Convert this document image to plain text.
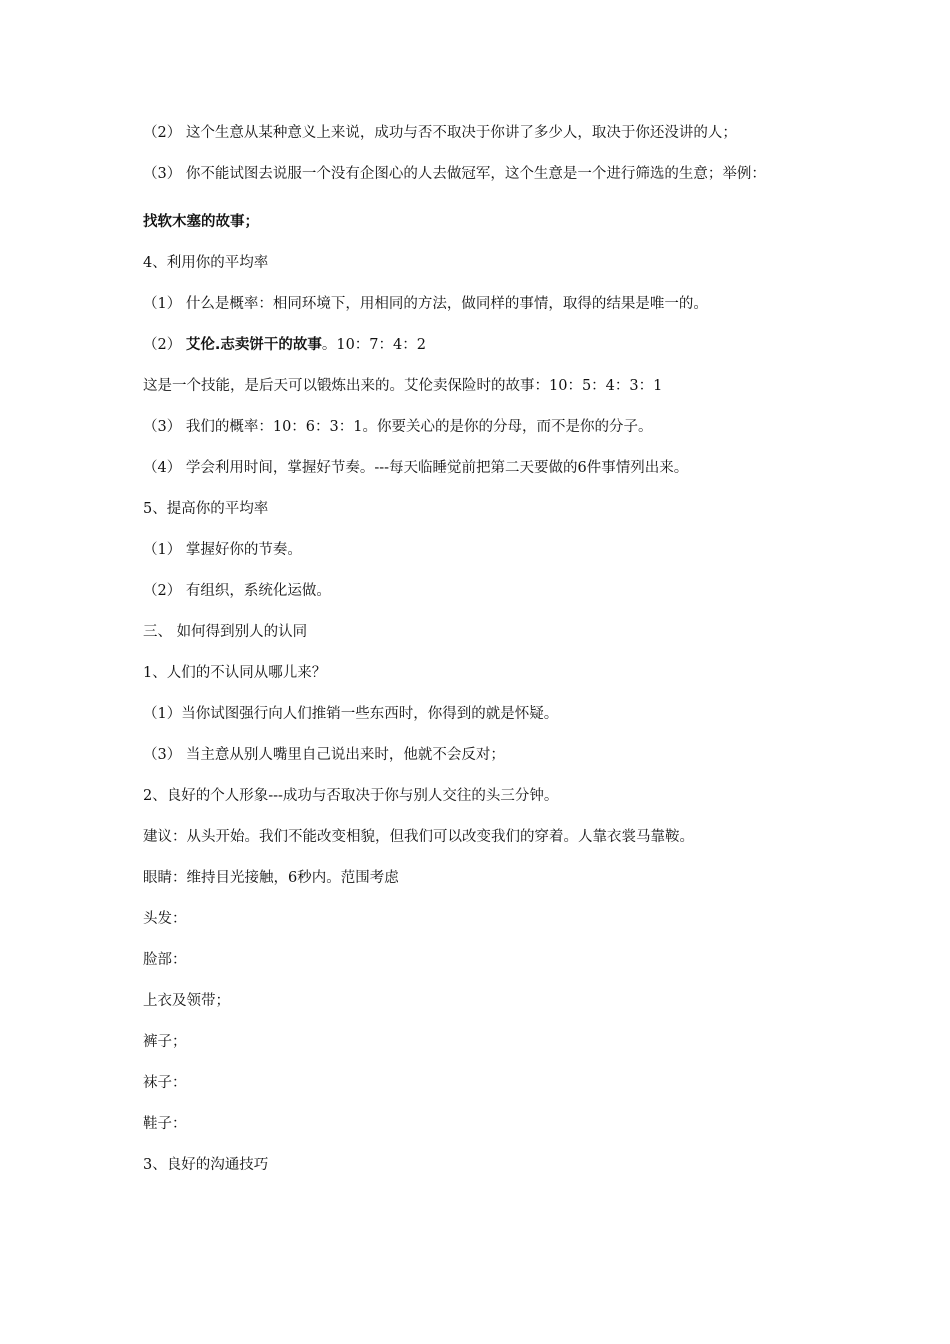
（2） 这个生意从某种意义上来说，成功与否不取决于你讲了多少人，取决于你还没讲的人；
（3） 你不能试图去说服一个没有企图心的人去做冠军，这个生意是一个进行筛选的生意；举例：
找软木塞的故事；
4、利用你的平均率
（1） 什么是概率：相同环境下，用相同的方法，做同样的事情，取得的结果是唯一的。
（2） 艾伦.志卖饼干的故事。10：7：4：2
这是一个技能，是后天可以锻炼出来的。艾伦卖保险时的故事：10：5：4：3：1
（3） 我们的概率：10：6：3：1。你要关心的是你的分母，而不是你的分子。
（4） 学会利用时间，掌握好节奏。---每天临睡觉前把第二天要做的6件事情列出来。
5、提高你的平均率
（1） 掌握好你的节奏。
（2） 有组织，系统化运做。
三、 如何得到别人的认同
1、人们的不认同从哪儿来？
（1）当你试图强行向人们推销一些东西时，你得到的就是怀疑。
（3） 当主意从别人嘴里自己说出来时，他就不会反对；
2、良好的个人形象---成功与否取决于你与别人交往的头三分钟。
建议：从头开始。我们不能改变相貌，但我们可以改变我们的穿着。人靠衣裳马靠鞍。
眼睛：维持目光接触，6秒内。范围考虑
头发：
脸部：
上衣及领带；
裤子；
袜子：
鞋子：
3、良好的沟通技巧
